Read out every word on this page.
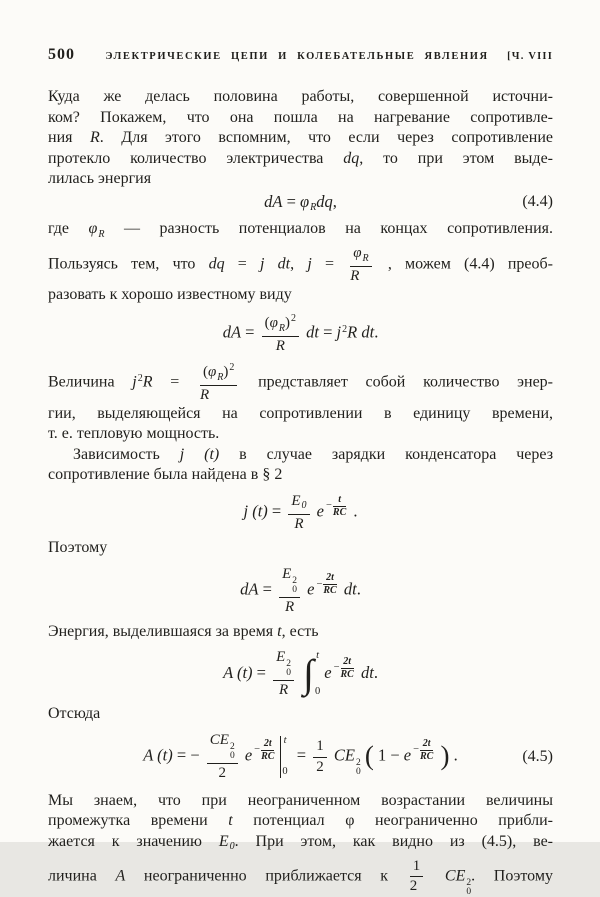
500	ЭЛЕКТРИЧЕСКИЕ ЦЕПИ И КОЛЕБАТЕЛЬНЫЕ ЯВЛЕНИЯ	[Ч. VIII
Куда же делась половина работы, совершенной источни-
ком? Покажем, что она пошла на нагревание сопротивле-
ния R. Для этого вспомним, что если через сопротивление
протекло количество электричества dq, то при этом выде-
лилась энергия
dA = $\varphi_Rdq$,	(4.4)
где $\varphi_R$ — разность потенциалов на концах сопротивления.
Пользуясь тем, что dq = j dt, $j = \frac{\varphi_R}{R}$ , можем (4.4) преоб-
разовать к хорошо известному виду
dA = $\frac{(\varphi_R)^2}{R}$ dt = $j^2R$ dt.
Величина $j^2R = \frac{(\varphi_R)^2}{R}$ представляет собой количество энер-
гии, выделяющейся на сопротивлении в единицу времени,
т. е. тепловую мощность.
Зависимость j (t) в случае зарядки конденсатора через
сопротивление была найдена в § 2
j $(t) = \frac{E_0}{R}$ $e - \frac{t}{RC}$ .
Поэтому
dA = E 2
0
R $e - \frac{2t}{RC}$ dt.
Энергия, выделившаяся за время t, есть
A (t) = E 2
0
R ∫ t
0
$e - \frac{2t}{RC}$ dt.
Отсюда
A (t) = − CE 2
0
2 $e - \frac{2t}{RC}$ t
0
= $\frac{1}{2}$ CE 2
0
( $1 - e - \frac{2t}{RC}$ ) .	(4.5)
Мы знаем, что при неограниченном возрастании величины
промежутка времени t потенциал φ неограниченно прибли-
жается к значению $E_0$. При этом, как видно из (4.5), ве-
личина A неограниченно приближается к $\frac{1}{2}$ CE 2
0
. Поэтому
